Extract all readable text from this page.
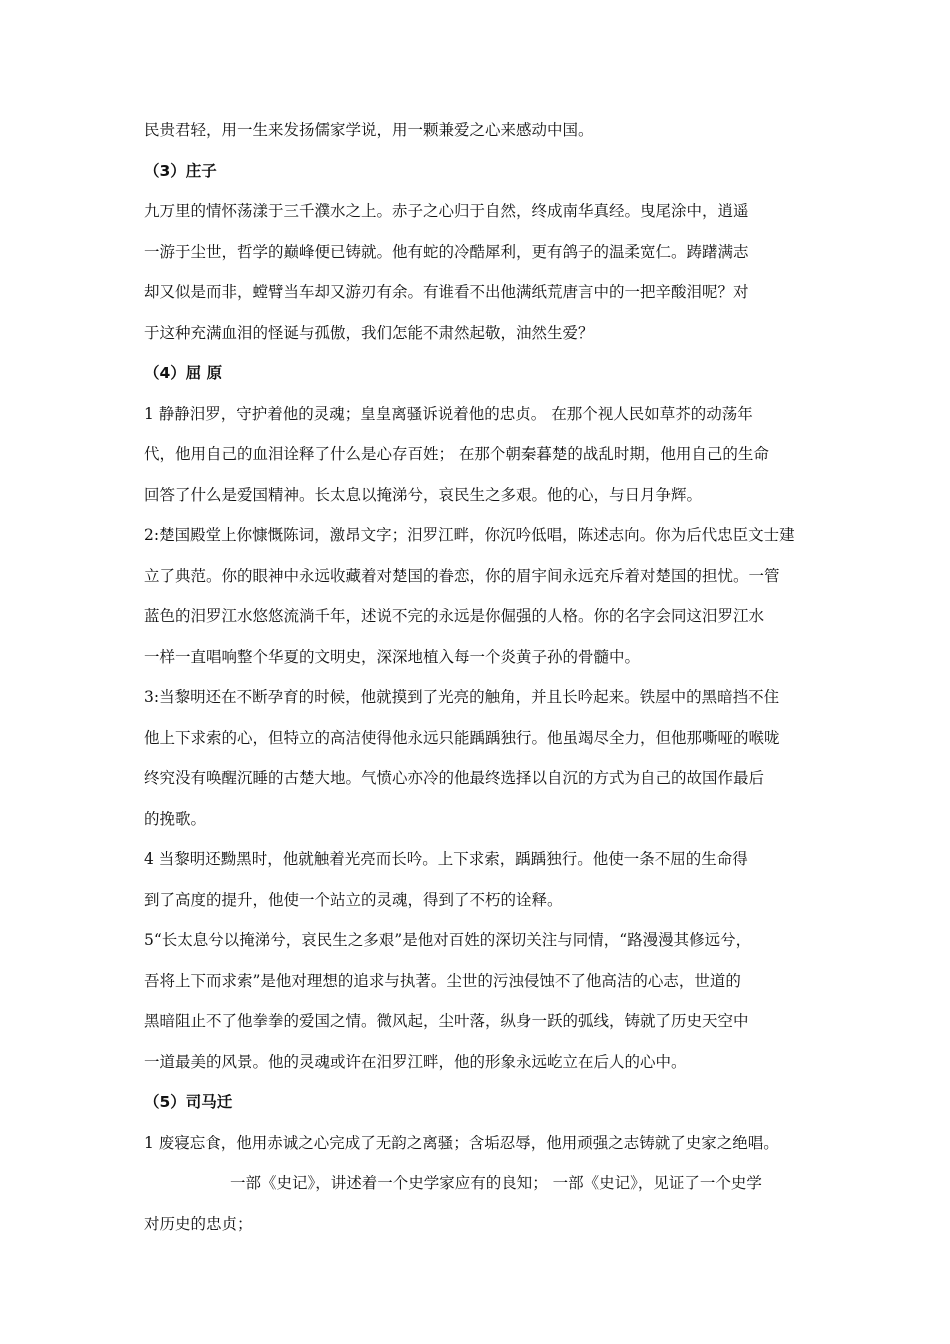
民贵君轻，用一生来发扬儒家学说，用一颗兼爱之心来感动中国。
（3）庄子
九万里的情怀荡漾于三千濮水之上。赤子之心归于自然，终成南华真经。曳尾涂中，逍遥
一游于尘世，哲学的巅峰便已铸就。他有蛇的冷酷犀利，更有鸽子的温柔宽仁。踌躇满志
却又似是而非，螳臂当车却又游刃有余。有谁看不出他满纸荒唐言中的一把辛酸泪呢？对
于这种充满血泪的怪诞与孤傲，我们怎能不肃然起敬，油然生爱？
（4）屈 原
1 静静汨罗，守护着他的灵魂；皇皇离骚诉说着他的忠贞。 在那个视人民如草芥的动荡年
代，他用自己的血泪诠释了什么是心存百姓； 在那个朝秦暮楚的战乱时期，他用自己的生命
回答了什么是爱国精神。长太息以掩涕兮，哀民生之多艰。他的心，与日月争辉。
2:楚国殿堂上你慷慨陈词，激昂文字；汨罗江畔，你沉吟低唱，陈述志向。你为后代忠臣文士建
立了典范。你的眼神中永远收藏着对楚国的眷恋，你的眉宇间永远充斥着对楚国的担忧。一管
蓝色的汨罗江水悠悠流淌千年，述说不完的永远是你倔强的人格。你的名字会同这汨罗江水
一样一直唱响整个华夏的文明史，深深地植入每一个炎黄子孙的骨髓中。
3:当黎明还在不断孕育的时候，他就摸到了光亮的触角，并且长吟起来。铁屋中的黑暗挡不住
他上下求索的心，但特立的高洁使得他永远只能踽踽独行。他虽竭尽全力，但他那嘶哑的喉咙
终究没有唤醒沉睡的古楚大地。气愤心亦冷的他最终选择以自沉的方式为自己的故国作最后
的挽歌。
4 当黎明还黝黑时，他就触着光亮而长吟。上下求索，踽踽独行。他使一条不屈的生命得
到了高度的提升，他使一个站立的灵魂，得到了不朽的诠释。
5“长太息兮以掩涕兮，哀民生之多艰”是他对百姓的深切关注与同情，“路漫漫其修远兮，
吾将上下而求索”是他对理想的追求与执著。尘世的污浊侵蚀不了他高洁的心志，世道的
黑暗阻止不了他拳拳的爱国之情。微风起，尘叶落，纵身一跃的弧线，铸就了历史天空中
一道最美的风景。他的灵魂或许在汨罗江畔，他的形象永远屹立在后人的心中。
（5）司马迁
1 废寝忘食，他用赤诚之心完成了无韵之离骚；含垢忍辱，他用顽强之志铸就了史家之绝唱。
一部《史记》，讲述着一个史学家应有的良知； 一部《史记》，见证了一个史学
对历史的忠贞；
